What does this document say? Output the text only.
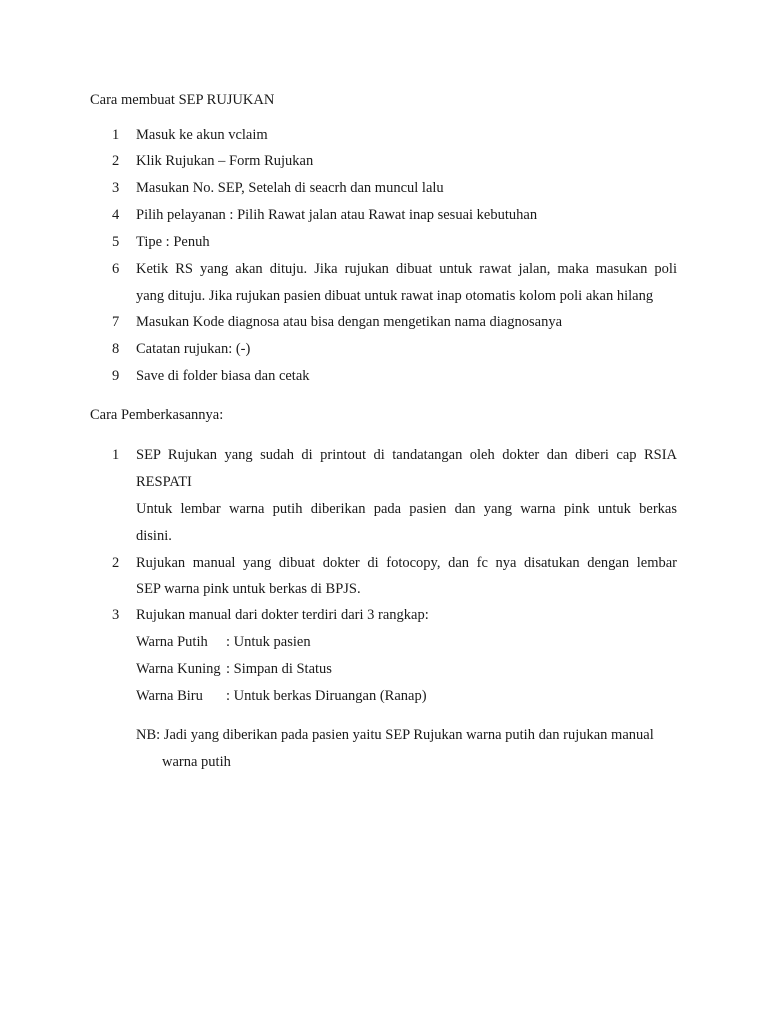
Cara membuat SEP RUJUKAN
1 Masuk ke akun vclaim
2 Klik Rujukan – Form Rujukan
3 Masukan No. SEP, Setelah di seacrh dan muncul lalu
4 Pilih pelayanan : Pilih Rawat jalan atau Rawat inap sesuai kebutuhan
5 Tipe : Penuh
6 Ketik RS yang akan dituju. Jika rujukan dibuat untuk rawat jalan, maka masukan poli
yang dituju. Jika rujukan pasien dibuat untuk rawat inap otomatis kolom poli akan hilang
7 Masukan Kode diagnosa atau bisa dengan mengetikan nama diagnosanya
8 Catatan rujukan: (-)
9 Save di folder biasa dan cetak
Cara Pemberkasannya:
1 SEP Rujukan yang sudah di printout di tandatangan oleh dokter dan diberi cap RSIA
RESPATI
Untuk lembar warna putih diberikan pada pasien dan yang warna pink untuk berkas
disini.
2 Rujukan manual yang dibuat dokter di fotocopy, dan fc nya disatukan dengan lembar
SEP warna pink untuk berkas di BPJS.
3 Rujukan manual dari dokter terdiri dari 3 rangkap:
Warna Putih : Untuk pasien
Warna Kuning : Simpan di Status
Warna Biru : Untuk berkas Diruangan (Ranap)
NB: Jadi yang diberikan pada pasien yaitu SEP Rujukan warna putih dan rujukan manual
warna putih
